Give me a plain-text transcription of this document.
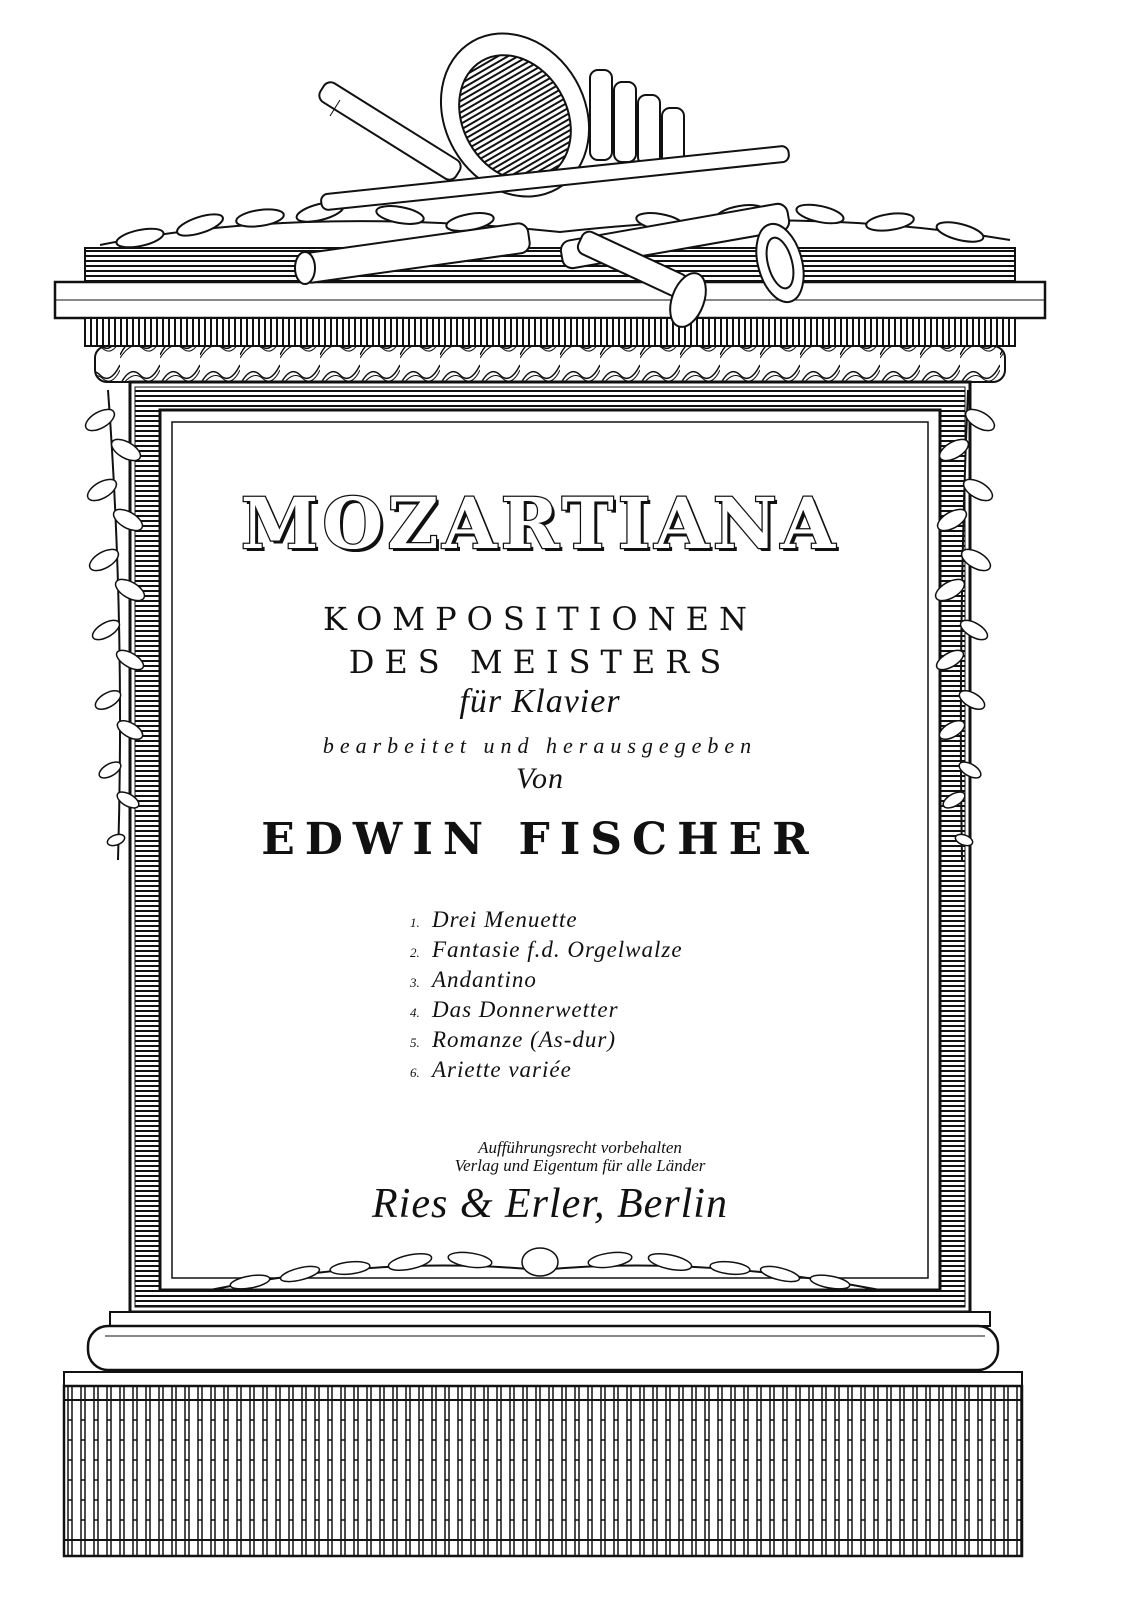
MOZARTIANA
KOMPOSITIONEN
DES MEISTERS
für Klavier
bearbeitet und herausgegeben
Von
EDWIN FISCHER
1. Drei Menuette
2. Fantasie f.d. Orgelwalze
3. Andantino
4. Das Donnerwetter
5. Romanze (As-dur)
6. Ariette variée
Aufführungsrecht vorbehalten
Verlag und Eigentum für alle Länder
Ries & Erler, Berlin
